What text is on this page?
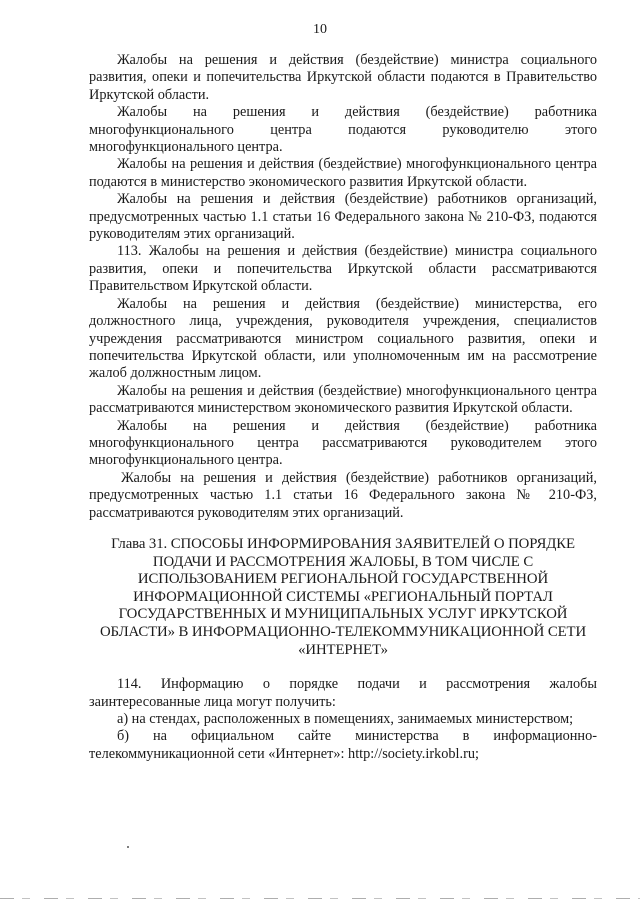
10

Жалобы на решения и действия (бездействие) министра социального развития, опеки и попечительства Иркутской области подаются в Правительство Иркутской области.

Жалобы на решения и действия (бездействие) работника многофункционального центра подаются руководителю этого многофункционального центра.

Жалобы на решения и действия (бездействие) многофункционального центра подаются в министерство экономического развития Иркутской области.

Жалобы на решения и действия (бездействие) работников организаций, предусмотренных частью 1.1 статьи 16 Федерального закона № 210-ФЗ, подаются руководителям этих организаций.

113. Жалобы на решения и действия (бездействие) министра социального развития, опеки и попечительства Иркутской области рассматриваются Правительством Иркутской области.

Жалобы на решения и действия (бездействие) министерства, его должностного лица, учреждения, руководителя учреждения, специалистов учреждения рассматриваются министром социального развития, опеки и попечительства Иркутской области, или уполномоченным им на рассмотрение жалоб должностным лицом.

Жалобы на решения и действия (бездействие) многофункционального центра рассматриваются министерством экономического развития Иркутской области.

Жалобы на решения и действия (бездействие) работника многофункционального центра рассматриваются руководителем этого многофункционального центра.

Жалобы на решения и действия (бездействие) работников организаций, предусмотренных частью 1.1 статьи 16 Федерального закона № 210-ФЗ, рассматриваются руководителям этих организаций.

Глава 31. СПОСОБЫ ИНФОРМИРОВАНИЯ ЗАЯВИТЕЛЕЙ О ПОРЯДКЕ
ПОДАЧИ И РАССМОТРЕНИЯ ЖАЛОБЫ, В ТОМ ЧИСЛЕ С
ИСПОЛЬЗОВАНИЕМ РЕГИОНАЛЬНОЙ ГОСУДАРСТВЕННОЙ
ИНФОРМАЦИОННОЙ СИСТЕМЫ «РЕГИОНАЛЬНЫЙ ПОРТАЛ
ГОСУДАРСТВЕННЫХ И МУНИЦИПАЛЬНЫХ УСЛУГ ИРКУТСКОЙ
ОБЛАСТИ» В ИНФОРМАЦИОННО-ТЕЛЕКОММУНИКАЦИОННОЙ СЕТИ
«ИНТЕРНЕТ»

114. Информацию о порядке подачи и рассмотрения жалобы заинтересованные лица могут получить:

а) на стендах, расположенных в помещениях, занимаемых министерством;

б) на официальном сайте министерства в информационно-телекоммуникационной сети «Интернет»: http://society.irkobl.ru;
